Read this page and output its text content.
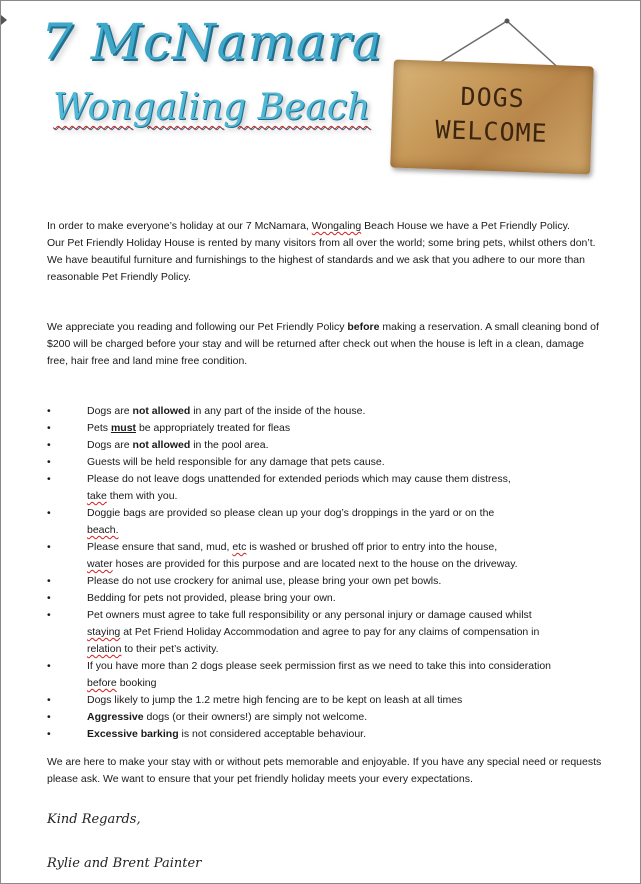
7 McNamara
Wongaling Beach	DOGS
WELCOME
In order to make everyone’s holiday at our 7 McNamara, Wongaling Beach House we have a Pet Friendly Policy.
Our Pet Friendly Holiday House is rented by many visitors from all over the world; some bring pets, whilst others don’t. We have beautiful furniture and furnishings to the highest of standards and we ask that you adhere to our more than reasonable Pet Friendly Policy.
We appreciate you reading and following our Pet Friendly Policy before making a reservation. A small cleaning bond of $200 will be charged before your stay and will be returned after check out when the house is left in a clean, damage free, hair free and land mine free condition.
•	Dogs are not allowed in any part of the inside of the house.
•	Pets must be appropriately treated for fleas
•	Dogs are not allowed in the pool area.
•	Guests will be held responsible for any damage that pets cause.
•	Please do not leave dogs unattended for extended periods which may cause them distress,
take them with you.
•	Doggie bags are provided so please clean up your dog’s droppings in the yard or on the
beach.
•	Please ensure that sand, mud, etc is washed or brushed off prior to entry into the house,
water hoses are provided for this purpose and are located next to the house on the driveway.
•	Please do not use crockery for animal use, please bring your own pet bowls.
•	Bedding for pets not provided, please bring your own.
•	Pet owners must agree to take full responsibility or any personal injury or damage caused whilst
staying at Pet Friend Holiday Accommodation and agree to pay for any claims of compensation in
relation to their pet’s activity.
•	If you have more than 2 dogs please seek permission first as we need to take this into consideration
before booking
•	Dogs likely to jump the 1.2 metre high fencing are to be kept on leash at all times
•	Aggressive dogs (or their owners!) are simply not welcome.
•	Excessive barking is not considered acceptable behaviour.
We are here to make your stay with or without pets memorable and enjoyable. If you have any special need or requests please ask. We want to ensure that your pet friendly holiday meets your every expectations.
Kind Regards,
Rylie and Brent Painter
